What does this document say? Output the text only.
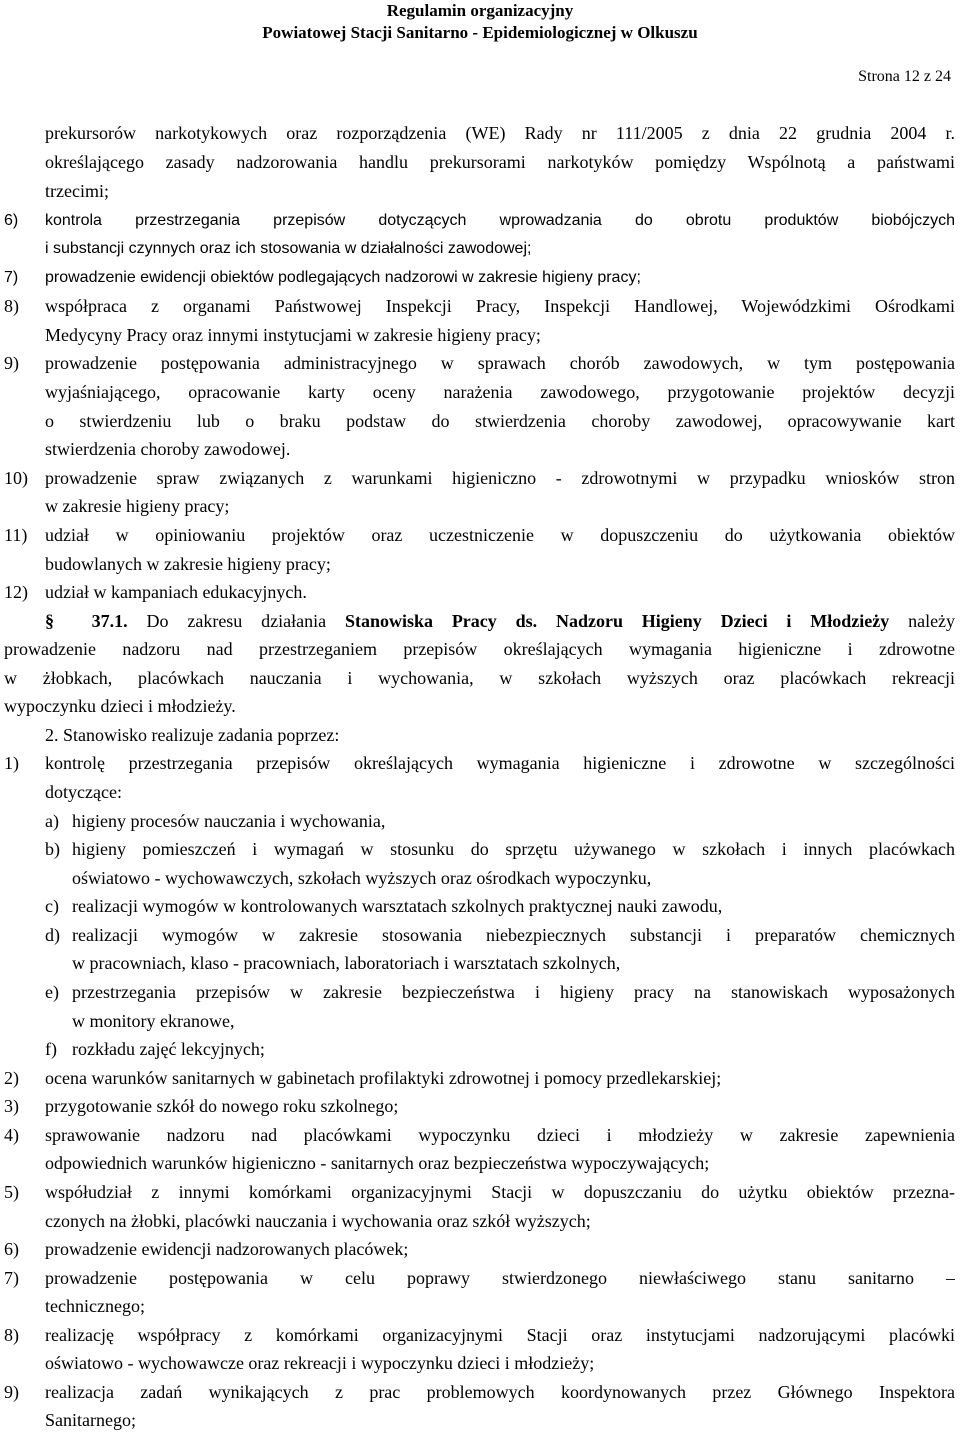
Regulamin organizacyjny
Powiatowej Stacji Sanitarno - Epidemiologicznej w Olkuszu
Strona 12 z 24
prekursorów narkotykowych oraz rozporządzenia (WE) Rady nr 111/2005 z dnia 22 grudnia 2004 r.
określającego zasady nadzorowania handlu prekursorami narkotyków pomiędzy Wspólnotą a państwami
trzecimi;
6) kontrola przestrzegania przepisów dotyczących wprowadzania do obrotu produktów biobójczych
i substancji czynnych oraz ich stosowania w działalności zawodowej;
7) prowadzenie ewidencji obiektów podlegających nadzorowi w zakresie higieny pracy;
8) współpraca z organami Państwowej Inspekcji Pracy, Inspekcji Handlowej, Wojewódzkimi Ośrodkami
Medycyny Pracy oraz innymi instytucjami w zakresie higieny pracy;
9) prowadzenie postępowania administracyjnego w sprawach chorób zawodowych, w tym postępowania
wyjaśniającego, opracowanie karty oceny narażenia zawodowego, przygotowanie projektów decyzji
o stwierdzeniu lub o braku podstaw do stwierdzenia choroby zawodowej, opracowywanie kart
stwierdzenia choroby zawodowej.
10) prowadzenie spraw związanych z warunkami higieniczno - zdrowotnymi w przypadku wniosków stron
w zakresie higieny pracy;
11) udział w opiniowaniu projektów oraz uczestniczenie w dopuszczeniu do użytkowania obiektów
budowlanych w zakresie higieny pracy;
12) udział w kampaniach edukacyjnych.
§ 37.1. Do zakresu działania Stanowiska Pracy ds. Nadzoru Higieny Dzieci i Młodzieży należy
prowadzenie nadzoru nad przestrzeganiem przepisów określających wymagania higieniczne i zdrowotne
w żłobkach, placówkach nauczania i wychowania, w szkołach wyższych oraz placówkach rekreacji
wypoczynku dzieci i młodzieży.
2. Stanowisko realizuje zadania poprzez:
1) kontrolę przestrzegania przepisów określających wymagania higieniczne i zdrowotne w szczególności
dotyczące:
a) higieny procesów nauczania i wychowania,
b) higieny pomieszczeń i wymagań w stosunku do sprzętu używanego w szkołach i innych placówkach
oświatowo - wychowawczych, szkołach wyższych oraz ośrodkach wypoczynku,
c) realizacji wymogów w kontrolowanych warsztatach szkolnych praktycznej nauki zawodu,
d) realizacji wymogów w zakresie stosowania niebezpiecznych substancji i preparatów chemicznych
w pracowniach, klaso - pracowniach, laboratoriach i warsztatach szkolnych,
e) przestrzegania przepisów w zakresie bezpieczeństwa i higieny pracy na stanowiskach wyposażonych
w monitory ekranowe,
f) rozkładu zajęć lekcyjnych;
2) ocena warunków sanitarnych w gabinetach profilaktyki zdrowotnej i pomocy przedlekarskiej;
3) przygotowanie szkół do nowego roku szkolnego;
4) sprawowanie nadzoru nad placówkami wypoczynku dzieci i młodzieży w zakresie zapewnienia
odpowiednich warunków higieniczno - sanitarnych oraz bezpieczeństwa wypoczywających;
5) współudział z innymi komórkami organizacyjnymi Stacji w dopuszczaniu do użytku obiektów przezna-
czonych na żłobki, placówki nauczania i wychowania oraz szkół wyższych;
6) prowadzenie ewidencji nadzorowanych placówek;
7) prowadzenie postępowania w celu poprawy stwierdzonego niewłaściwego stanu sanitarno –
technicznego;
8) realizację współpracy z komórkami organizacyjnymi Stacji oraz instytucjami nadzorującymi placówki
oświatowo - wychowawcze oraz rekreacji i wypoczynku dzieci i młodzieży;
9) realizacja zadań wynikających z prac problemowych koordynowanych przez Głównego Inspektora
Sanitarnego;
